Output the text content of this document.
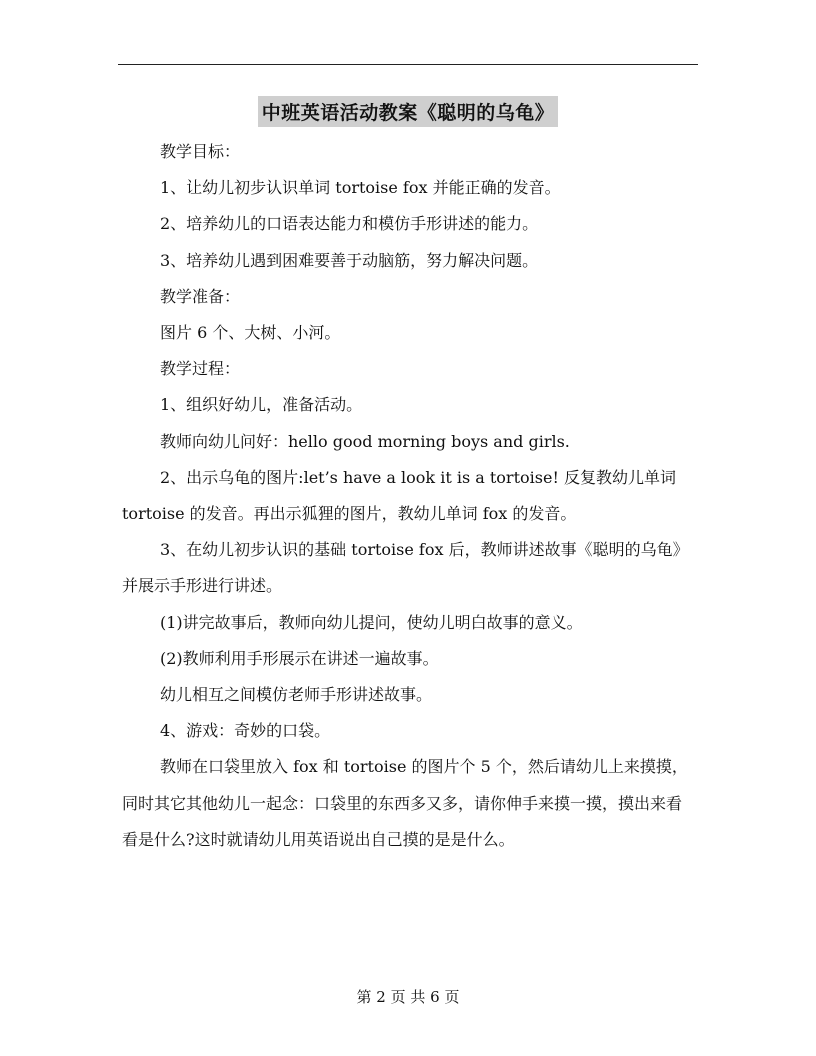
中班英语活动教案《聪明的乌龟》

教学目标：

1、让幼儿初步认识单词 tortoise fox 并能正确的发音。

2、培养幼儿的口语表达能力和模仿手形讲述的能力。

3、培养幼儿遇到困难要善于动脑筋，努力解决问题。

教学准备：

图片 6 个、大树、小河。

教学过程：

1、组织好幼儿，准备活动。

教师向幼儿问好：hello good morning boys and girls.

2、出示乌龟的图片:let’s have a look it is a tortoise! 反复教幼儿单词 tortoise 的发音。再出示狐狸的图片，教幼儿单词 fox 的发音。

3、在幼儿初步认识的基础 tortoise fox 后，教师讲述故事《聪明的乌龟》并展示手形进行讲述。

(1)讲完故事后，教师向幼儿提问，使幼儿明白故事的意义。

(2)教师利用手形展示在讲述一遍故事。

幼儿相互之间模仿老师手形讲述故事。

4、游戏：奇妙的口袋。

教师在口袋里放入 fox 和 tortoise 的图片个 5 个，然后请幼儿上来摸摸，同时其它其他幼儿一起念：口袋里的东西多又多，请你伸手来摸一摸，摸出来看看是什么?这时就请幼儿用英语说出自己摸的是是什么。

第 2 页 共 6 页
